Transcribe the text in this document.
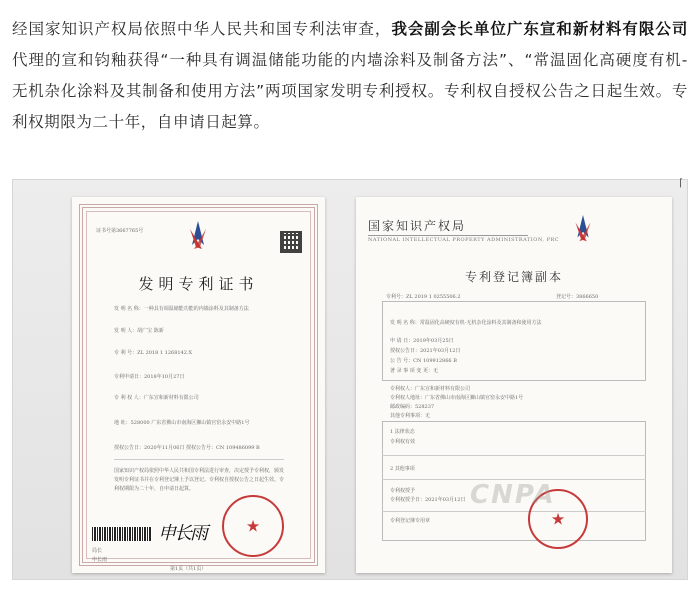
经国家知识产权局依照中华人民共和国专利法审查，我会副会长单位广东宣和新材料有限公司代理的宣和钧釉获得“一种具有调温储能功能的内墙涂料及制备方法”、“常温固化高硬度有机-无机杂化涂料及其制备和使用方法”两项国家发明专利授权。专利权自授权公告之日起生效。专利权期限为二十年，自申请日起算。
⌈
证书号第3667765号
发明专利证书
发 明 名 称：一种具有调温储能功能的内墙涂料及其制备方法
发 明 人：胡广宝 陈新
专 利 号：ZL 2018 1 1268142.X
专利申请日：2018年10月27日
专 利 权 人：广东宣和新材料有限公司
地 址：528000 广东省佛山市南海区狮山镇官窑永安中路1号
授权公告日：2020年11月06日 授权公告号：CN 109486099 B
国家知识产权局依照中华人民共和国专利法进行审查，决定授予专利权，颁发发明专利证书并在专利登记簿上予以登记。专利权自授权公告之日起生效。专利权期限为二十年，自申请日起算。
局长
申长雨
申长雨 ★
第1页（共1页）
国家知识产权局
NATIONAL INTELLECTUAL PROPERTY ADMINISTRATION, PRC
专利登记簿副本
专利号：ZL 2019 1 0255506.2	登记号：3866650
发 明 名 称：常温固化高硬度有机-无机杂化涂料及其制备和使用方法
申 请 日：2019年03月25日
授权公告日：2021年03月12日
公 告 号：CN 109912866 B
著 录 事 项 变 更：无
专利权人：广东宣和新材料有限公司
专利权人地址：广东省佛山市南海区狮山镇官窑永安中路1号
邮政编码：528237
其他专利事项：无
1 法律状态
专利权有效
2 其他事项
专利权授予
专利权授予日：2021年03月12日
专利登记簿专用章	★
CNPA
